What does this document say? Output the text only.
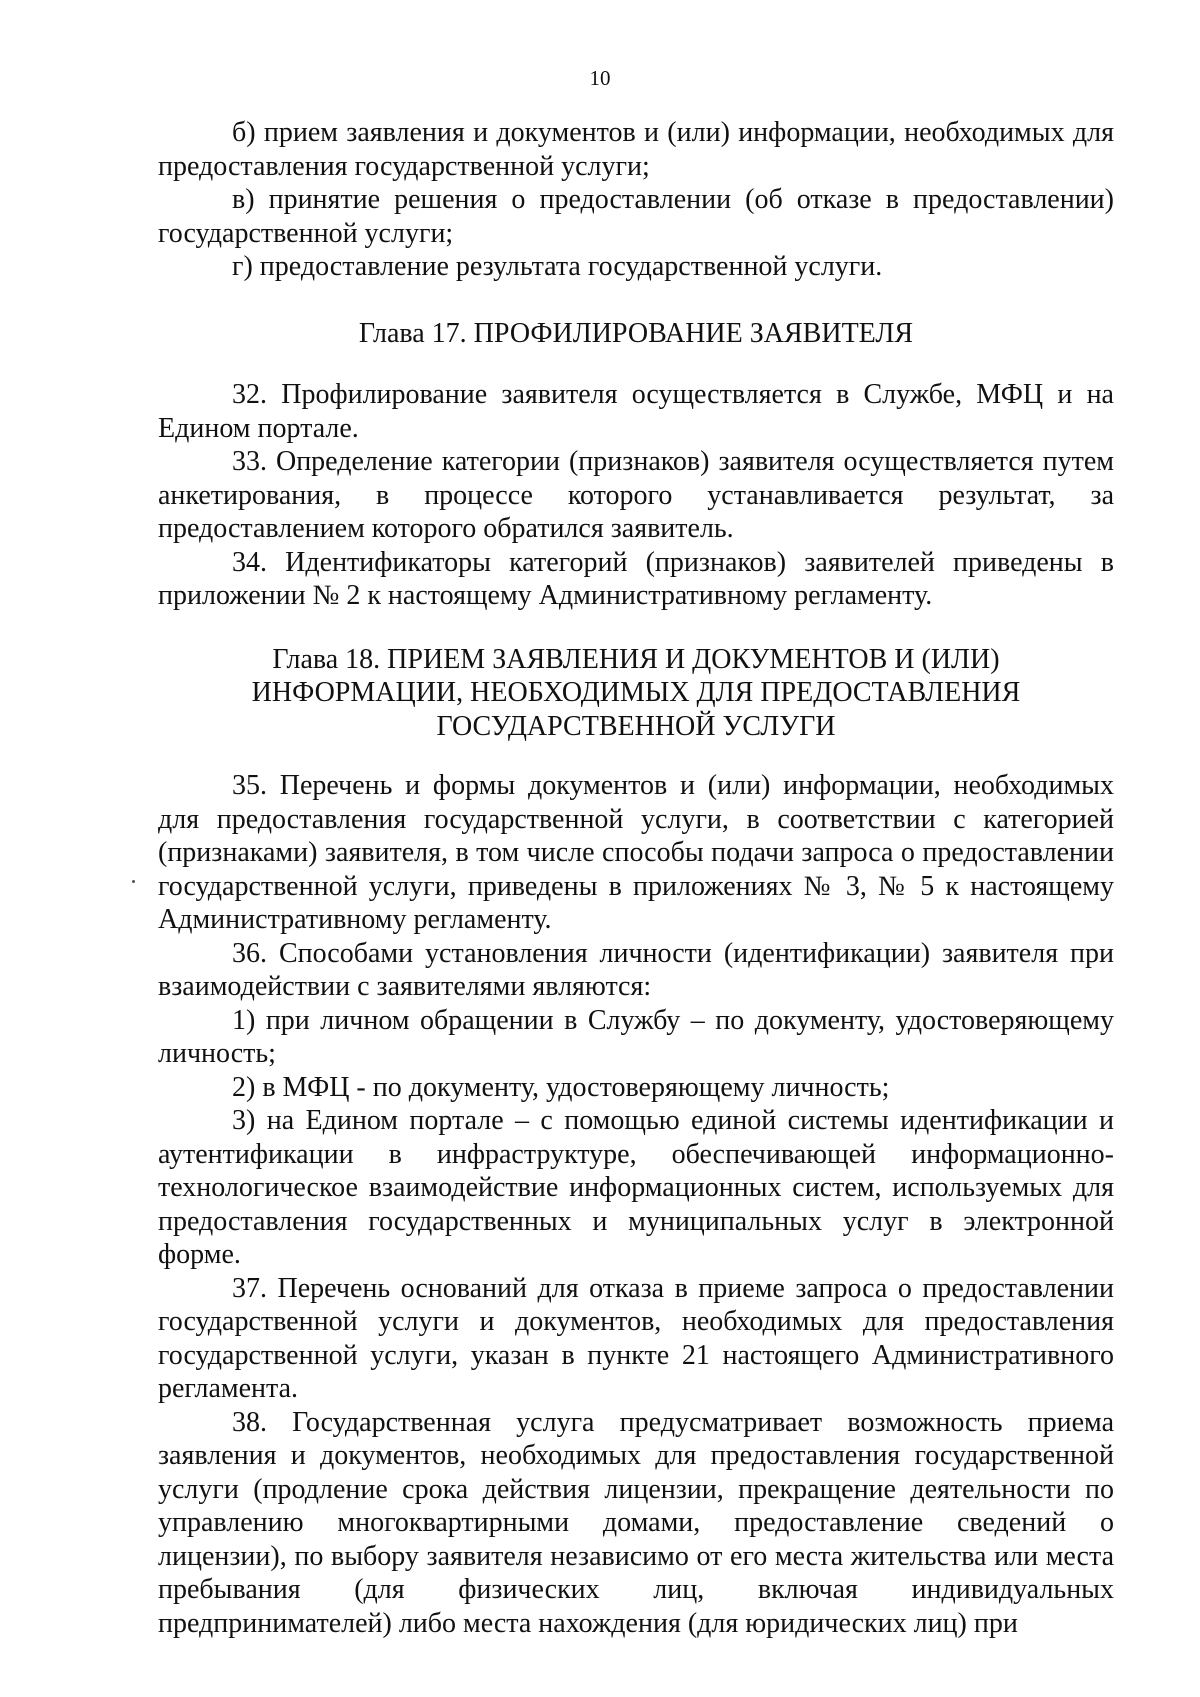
10

б) прием заявления и документов и (или) информации, необходимых для предоставления государственной услуги;

в) принятие решения о предоставлении (об отказе в предоставлении) государственной услуги;

г) предоставление результата государственной услуги.

Глава 17. ПРОФИЛИРОВАНИЕ ЗАЯВИТЕЛЯ

32. Профилирование заявителя осуществляется в Службе, МФЦ и на Едином портале.

33. Определение категории (признаков) заявителя осуществляется путем анкетирования, в процессе которого устанавливается результат, за предоставлением которого обратился заявитель.

34. Идентификаторы категорий (признаков) заявителей приведены в приложении № 2 к настоящему Административному регламенту.

Глава 18. ПРИЕМ ЗАЯВЛЕНИЯ И ДОКУМЕНТОВ И (ИЛИ) ИНФОРМАЦИИ, НЕОБХОДИМЫХ ДЛЯ ПРЕДОСТАВЛЕНИЯ ГОСУДАРСТВЕННОЙ УСЛУГИ

35. Перечень и формы документов и (или) информации, необходимых для предоставления государственной услуги, в соответствии с категорией (признаками) заявителя, в том числе способы подачи запроса о предоставлении государственной услуги, приведены в приложениях № 3, № 5 к настоящему Административному регламенту.

36. Способами установления личности (идентификации) заявителя при взаимодействии с заявителями являются:

1) при личном обращении в Службу – по документу, удостоверяющему личность;

2) в МФЦ - по документу, удостоверяющему личность;

3) на Едином портале – с помощью единой системы идентификации и аутентификации в инфраструктуре, обеспечивающей информационно-технологическое взаимодействие информационных систем, используемых для предоставления государственных и муниципальных услуг в электронной форме.

37. Перечень оснований для отказа в приеме запроса о предоставлении государственной услуги и документов, необходимых для предоставления государственной услуги, указан в пункте 21 настоящего Административного регламента.

38. Государственная услуга предусматривает возможность приема заявления и документов, необходимых для предоставления государственной услуги (продление срока действия лицензии, прекращение деятельности по управлению многоквартирными домами, предоставление сведений о лицензии), по выбору заявителя независимо от его места жительства или места пребывания (для физических лиц, включая индивидуальных предпринимателей) либо места нахождения (для юридических лиц) при
